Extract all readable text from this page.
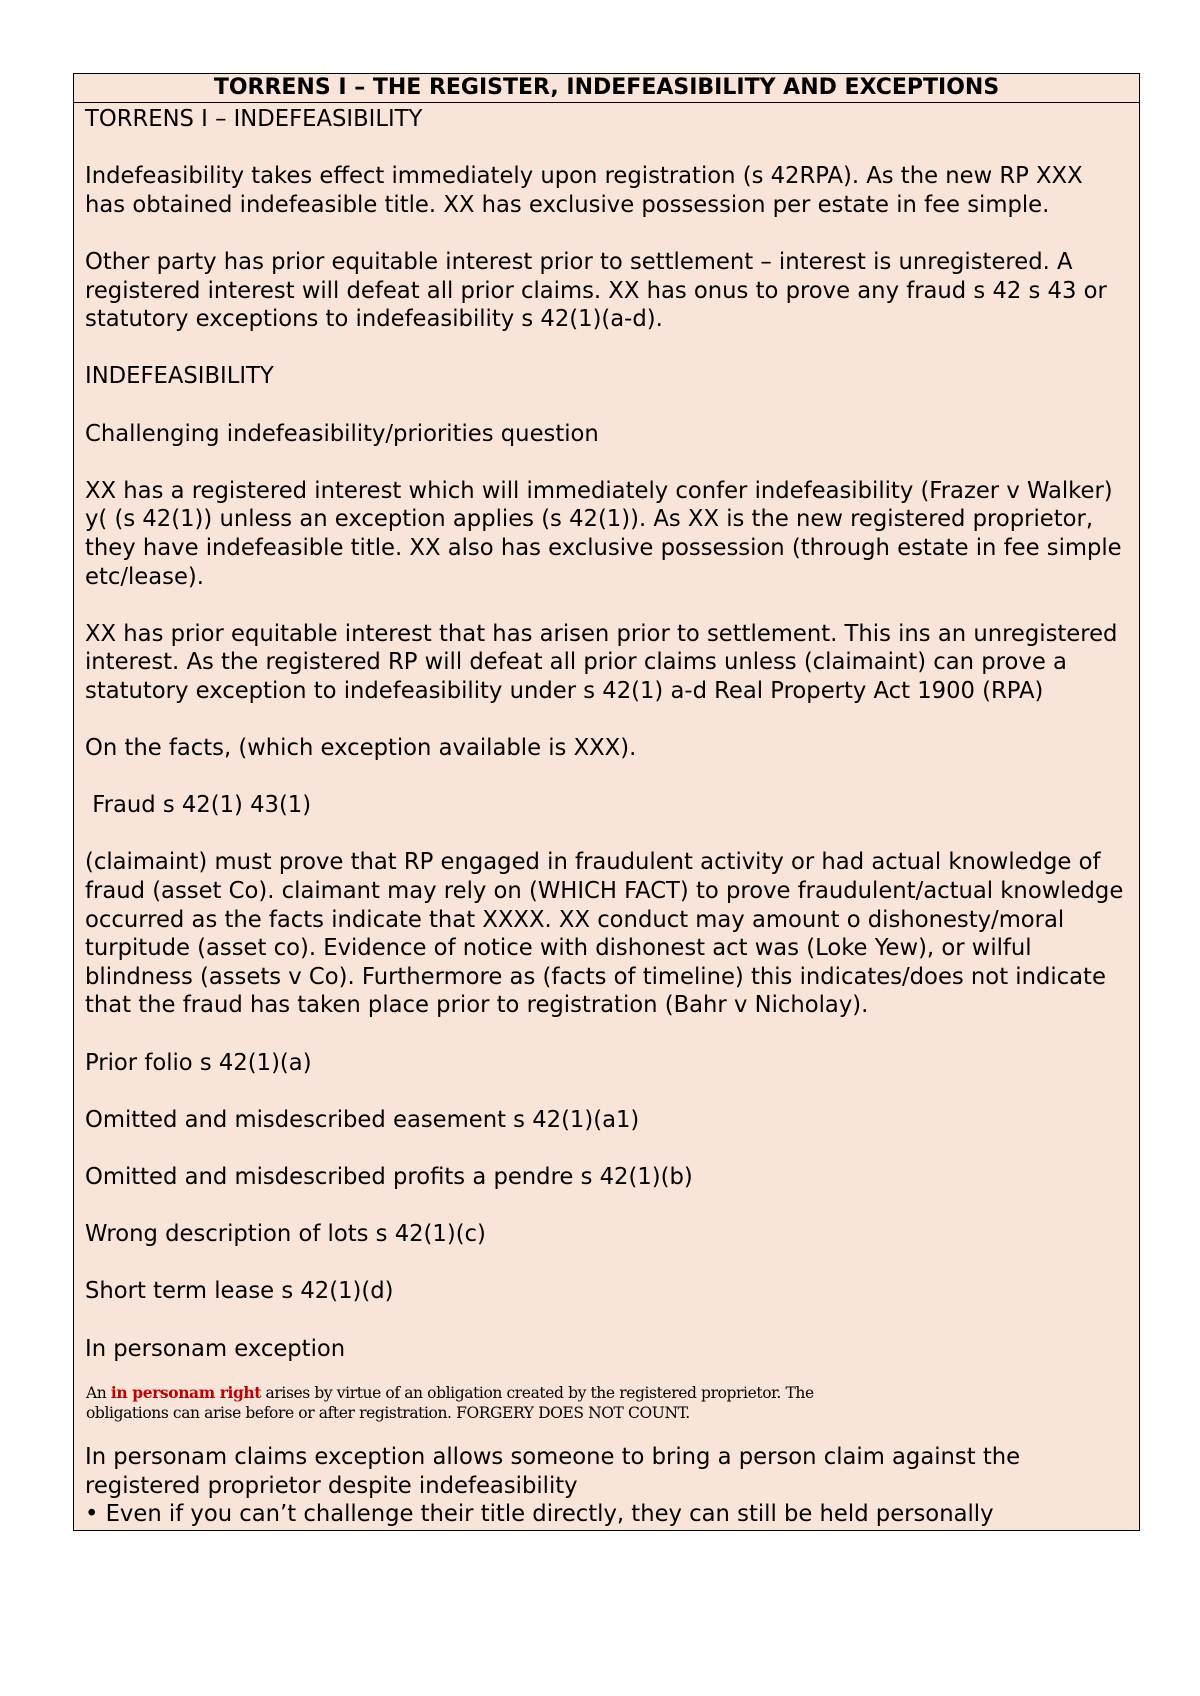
TORRENS I – THE REGISTER, INDEFEASIBILITY AND EXCEPTIONS

TORRENS I – INDEFEASIBILITY

Indefeasibility takes effect immediately upon registration (s 42RPA). As the new RP XXX has obtained indefeasible title. XX has exclusive possession per estate in fee simple.

Other party has prior equitable interest prior to settlement – interest is unregistered. A registered interest will defeat all prior claims. XX has onus to prove any fraud s 42 s 43 or statutory exceptions to indefeasibility s 42(1)(a-d).

INDEFEASIBILITY

Challenging indefeasibility/priorities question

XX has a registered interest which will immediately confer indefeasibility (Frazer v Walker) y( (s 42(1)) unless an exception applies (s 42(1)). As XX is the new registered proprietor, they have indefeasible title. XX also has exclusive possession (through estate in fee simple etc/lease).

XX has prior equitable interest that has arisen prior to settlement. This ins an unregistered interest. As the registered RP will defeat all prior claims unless (claimaint) can prove a statutory exception to indefeasibility under s 42(1) a-d Real Property Act 1900 (RPA)

On the facts, (which exception available is XXX).

Fraud s 42(1) 43(1)

(claimaint) must prove that RP engaged in fraudulent activity or had actual knowledge of fraud (asset Co). claimant may rely on (WHICH FACT) to prove fraudulent/actual knowledge occurred as the facts indicate that XXXX. XX conduct may amount o dishonesty/moral turpitude (asset co). Evidence of notice with dishonest act was (Loke Yew), or wilful blindness (assets v Co). Furthermore as (facts of timeline) this indicates/does not indicate that the fraud has taken place prior to registration (Bahr v Nicholay).

Prior folio s 42(1)(a)

Omitted and misdescribed easement s 42(1)(a1)

Omitted and misdescribed profits a pendre s 42(1)(b)

Wrong description of lots s 42(1)(c)

Short term lease s 42(1)(d)

In personam exception

An in personam right arises by virtue of an obligation created by the registered proprietor. The
obligations can arise before or after registration. FORGERY DOES NOT COUNT.

In personam claims exception allows someone to bring a person claim against the registered proprietor despite indefeasibility

• Even if you can’t challenge their title directly, they can still be held personally
